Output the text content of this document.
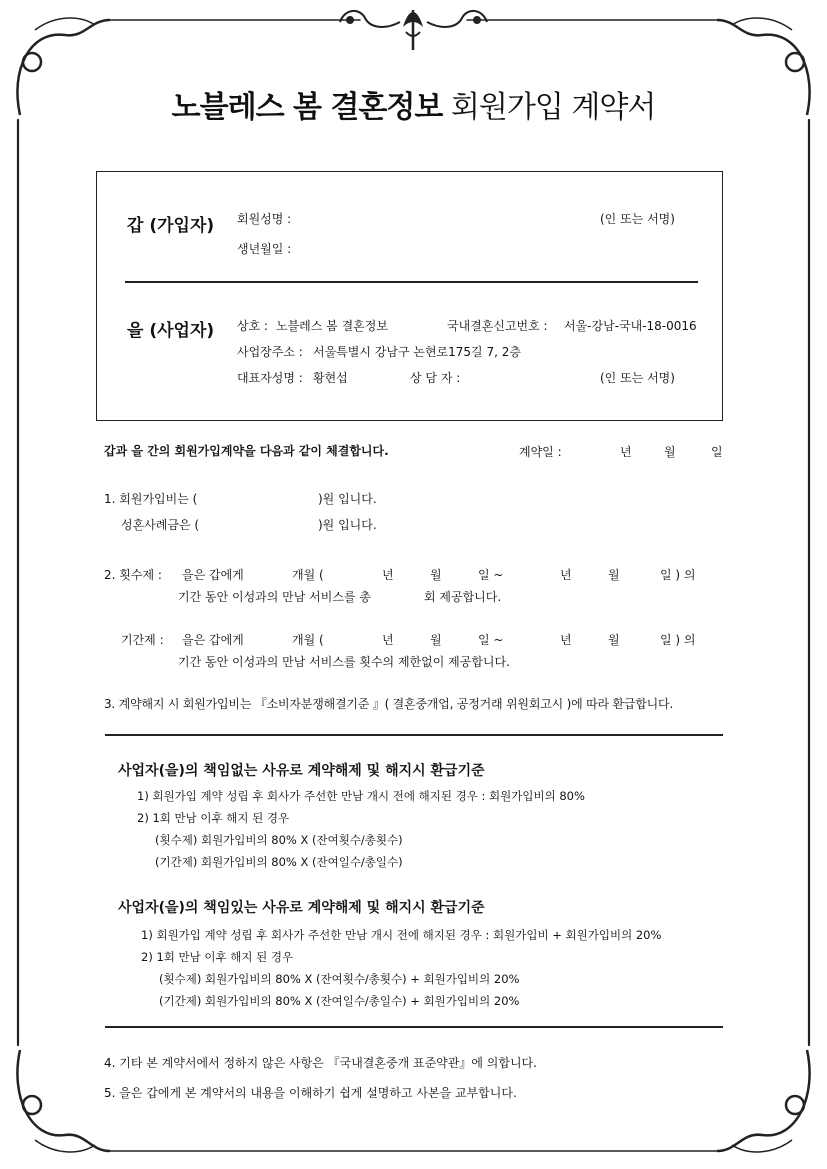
노블레스 봄 결혼정보 회원가입 계약서
갑 (가입자) 회원성명 :	(인 또는 서명)
생년월일 :
을 (사업자) 상호 : 노블레스 봄 결혼정보	국내결혼신고번호 : 서울-강남-국내-18-0016
사업장주소 : 서울특별시 강남구 논현로175길 7, 2층
대표자성명 : 황현섭	상 담 자 :	(인 또는 서명)
갑과 을 간의 회원가입계약을 다음과 같이 체결합니다.	계약일 :	년	월	일
1. 회원가입비는 (	)원 입니다.
성혼사례금은 (	)원 입니다.
2. 횟수제 : 을은 갑에게	개월 (	년	월	일 ~	년	월	일 ) 의
기간 동안 이성과의 만남 서비스를 총	회 제공합니다.
기간제 : 을은 갑에게	개월 (	년	월	일 ~	년	월	일 ) 의
기간 동안 이성과의 만남 서비스를 횟수의 제한없이 제공합니다.
3. 계약해지 시 회원가입비는 『소비자분쟁해결기준 』( 결혼중개업, 공정거래 위원회고시 )에 따라 환급합니다.
사업자(을)의 책임없는 사유로 계약해제 및 해지시 환급기준
1) 회원가입 계약 성립 후 회사가 주선한 만남 개시 전에 해지된 경우 : 회원가입비의 80%
2) 1회 만남 이후 해지 된 경우
(횟수제) 회원가입비의 80% X (잔여횟수/총횟수)
(기간제) 회원가입비의 80% X (잔여일수/총일수)
사업자(을)의 책임있는 사유로 계약해제 및 해지시 환급기준
1) 회원가입 계약 성립 후 회사가 주선한 만남 개시 전에 해지된 경우 : 회원가입비 + 회원가입비의 20%
2) 1회 만남 이후 해지 된 경우
(횟수제) 회원가입비의 80% X (잔여횟수/총횟수) + 회원가입비의 20%
(기간제) 회원가입비의 80% X (잔여일수/총일수) + 회원가입비의 20%
4. 기타 본 계약서에서 정하지 않은 사항은 『국내결혼중개 표준약관』에 의합니다.
5. 을은 갑에게 본 계약서의 내용을 이해하기 쉽게 설명하고 사본을 교부합니다.
